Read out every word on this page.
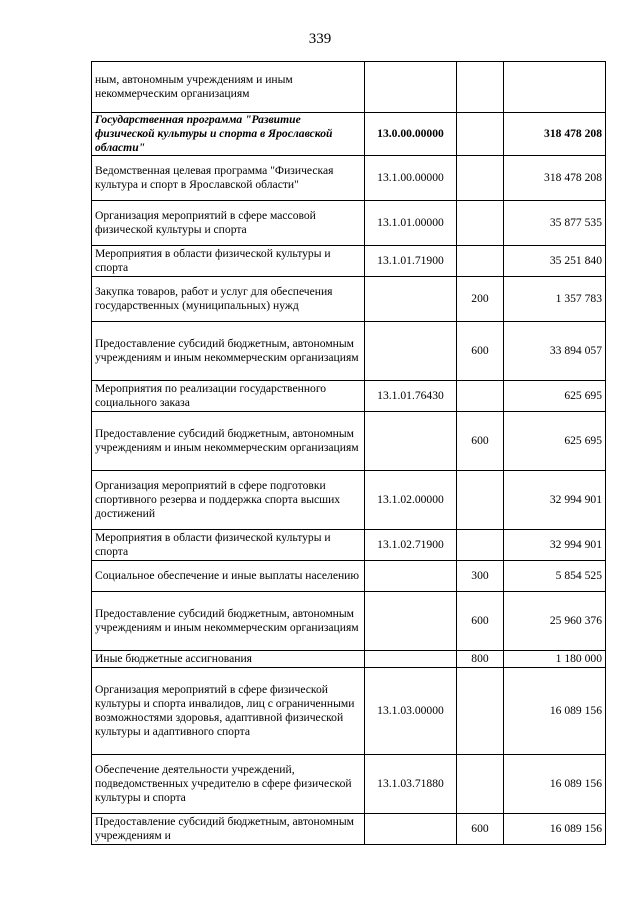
339
ным, автономным учреждениям и иным некоммерческим организациям			
Государственная программа "Развитие физической культуры и спорта в Ярославской области"	13.0.00.00000		318 478 208
Ведомственная целевая программа "Физическая культура и спорт в Ярославской области"	13.1.00.00000		318 478 208
Организация мероприятий в сфере массовой физической культуры и спорта	13.1.01.00000		35 877 535
Мероприятия в области физической культуры и спорта	13.1.01.71900		35 251 840
Закупка товаров, работ и услуг для обеспечения государственных (муниципальных) нужд		200	1 357 783
Предоставление субсидий бюджетным, автономным учреждениям и иным некоммерческим организациям		600	33 894 057
Мероприятия по реализации государственного социального заказа	13.1.01.76430		625 695
Предоставление субсидий бюджетным, автономным учреждениям и иным некоммерческим организациям		600	625 695
Организация мероприятий в сфере подготовки спортивного резерва и поддержка спорта высших достижений	13.1.02.00000		32 994 901
Мероприятия в области физической культуры и спорта	13.1.02.71900		32 994 901
Социальное обеспечение и иные выплаты населению		300	5 854 525
Предоставление субсидий бюджетным, автономным учреждениям и иным некоммерческим организациям		600	25 960 376
Иные бюджетные ассигнования		800	1 180 000
Организация мероприятий в сфере физической культуры и спорта инвалидов, лиц с ограниченными возможностями здоровья, адаптивной физической культуры и адаптивного спорта	13.1.03.00000		16 089 156
Обеспечение деятельности учреждений, подведомственных учредителю в сфере физической культуры и спорта	13.1.03.71880		16 089 156
Предоставление субсидий бюджетным, автономным учреждениям и		600	16 089 156
